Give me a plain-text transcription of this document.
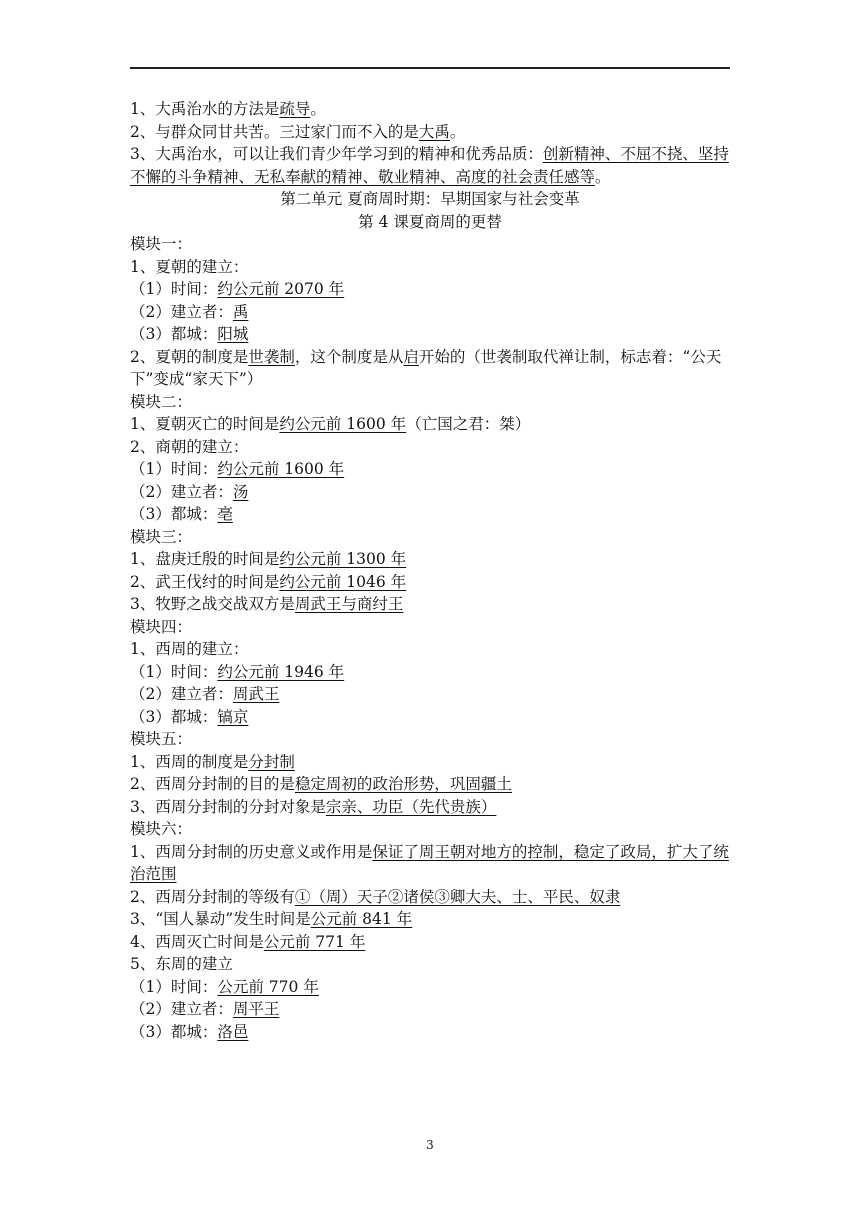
1、大禹治水的方法是疏导。
2、与群众同甘共苦。三过家门而不入的是大禹。
3、大禹治水，可以让我们青少年学习到的精神和优秀品质：创新精神、不屈不挠、坚持不懈的斗争精神、无私奉献的精神、敬业精神、高度的社会责任感等。
第二单元 夏商周时期：早期国家与社会变革
第 4 课夏商周的更替
模块一：
1、夏朝的建立：
（1）时间：约公元前 2070 年
（2）建立者：禹
（3）都城：阳城
2、夏朝的制度是世袭制，这个制度是从启开始的（世袭制取代禅让制，标志着：“公天下”变成“家天下”）
模块二：
1、夏朝灭亡的时间是约公元前 1600 年（亡国之君：桀）
2、商朝的建立：
（1）时间：约公元前 1600 年
（2）建立者：汤
（3）都城：亳
模块三：
1、盘庚迁殷的时间是约公元前 1300 年
2、武王伐纣的时间是约公元前 1046 年
3、牧野之战交战双方是周武王与商纣王
模块四：
1、西周的建立：
（1）时间：约公元前 1946 年
（2）建立者：周武王
（3）都城：镐京
模块五：
1、西周的制度是分封制
2、西周分封制的目的是稳定周初的政治形势，巩固疆土
3、西周分封制的分封对象是宗亲、功臣（先代贵族）
模块六：
1、西周分封制的历史意义或作用是保证了周王朝对地方的控制，稳定了政局，扩大了统治范围
2、西周分封制的等级有①（周）天子②诸侯③卿大夫、士、平民、奴隶
3、“国人暴动”发生时间是公元前 841 年
4、西周灭亡时间是公元前 771 年
5、东周的建立
（1）时间：公元前 770 年
（2）建立者：周平王
（3）都城：洛邑
3
